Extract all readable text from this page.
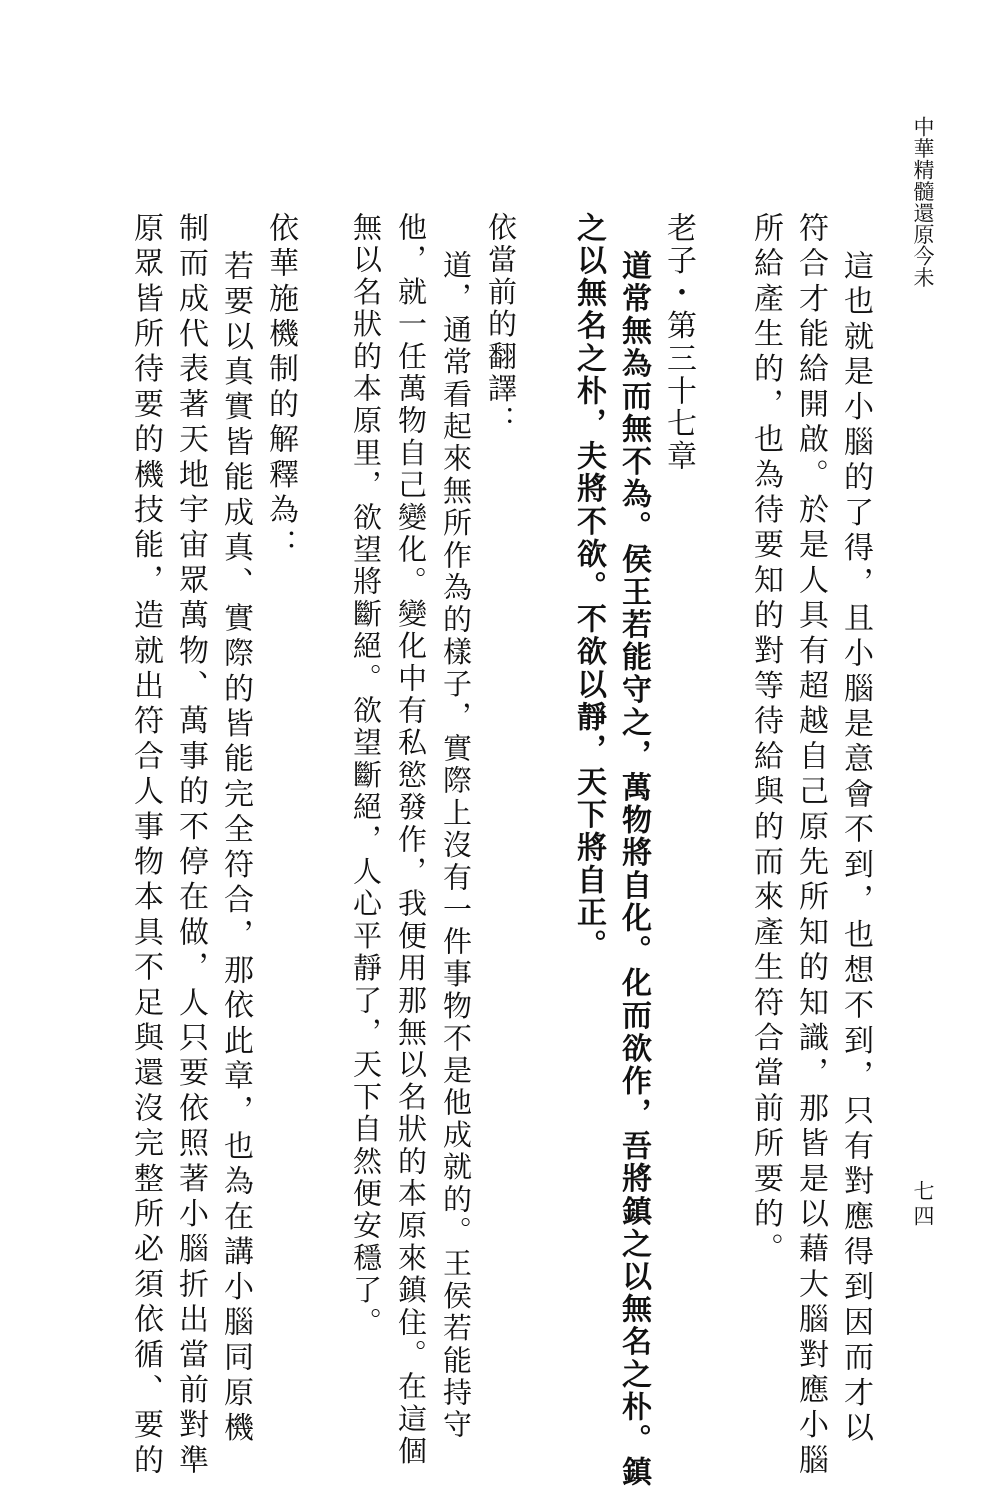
中華精髓還原今未
七四
這也就是小腦的了得，且小腦是意會不到，也想不到，只有對應得到因而才以
符合才能給開啟。於是人具有超越自己原先所知的知識，那皆是以藉大腦對應小腦
所給產生的，也為待要知的對等待給與的而來產生符合當前所要的。
老子・第三十七章
道常無為而無不為。侯王若能守之，萬物將自化。化而欲作，吾將鎮之以無名之朴。鎮
之以無名之朴，夫將不欲。不欲以靜，天下將自正。
依當前的翻譯：
道，通常看起來無所作為的樣子，實際上沒有一件事物不是他成就的。王侯若能持守
他，就一任萬物自己變化。變化中有私慾發作，我便用那無以名狀的本原來鎮住。在這個
無以名狀的本原里，欲望將斷絕。欲望斷絕，人心平靜了，天下自然便安穩了。
依華施機制的解釋為：
若要以真實皆能成真、實際的皆能完全符合，那依此章，也為在講小腦同原機
制而成代表著天地宇宙眾萬物、萬事的不停在做，人只要依照著小腦折出當前對準
原眾皆所待要的機技能，造就出符合人事物本具不足與還沒完整所必須依循、要的
